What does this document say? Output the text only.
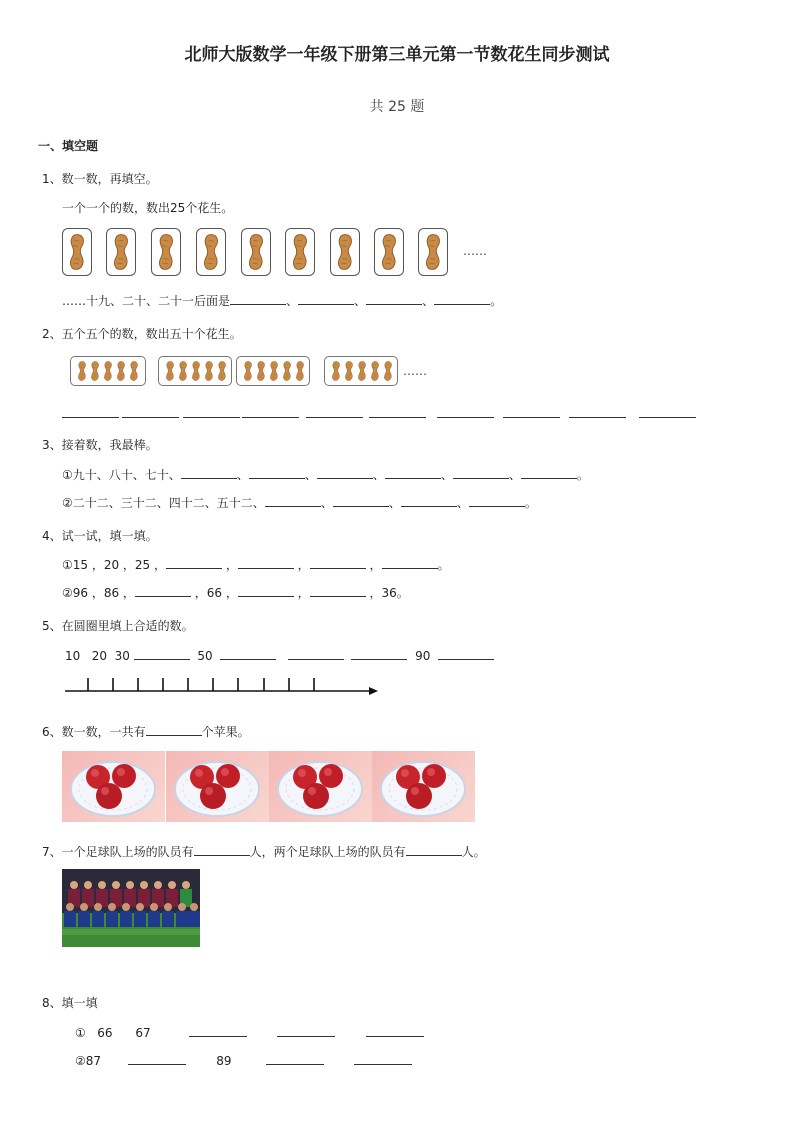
北师大版数学一年级下册第三单元第一节数花生同步测试
共 25 题
一、填空题
1、数一数，再填空。
一个一个的数，数出25个花生。
……
……十九、二十、二十一后面是	、	、	、	。
2、五个五个的数，数出五十个花生。
……
3、接着数，我最棒。
①九十、八十、七十、	、	、	、	、	、	。
②二十二、三十二、四十二、五十二、	、	、	、	。
4、试一试，填一填。
①15 ，20 ，25 ，	，	，	，	。
②96 ，86 ，	，66 ，	，	，36。
5、在圆圈里填上合适的数。
10 20 30	50	90
6、数一数，一共有	个苹果。
7、一个足球队上场的队员有	人，两个足球队上场的队员有	人。
8、填一填
① 66 67
②87	89
